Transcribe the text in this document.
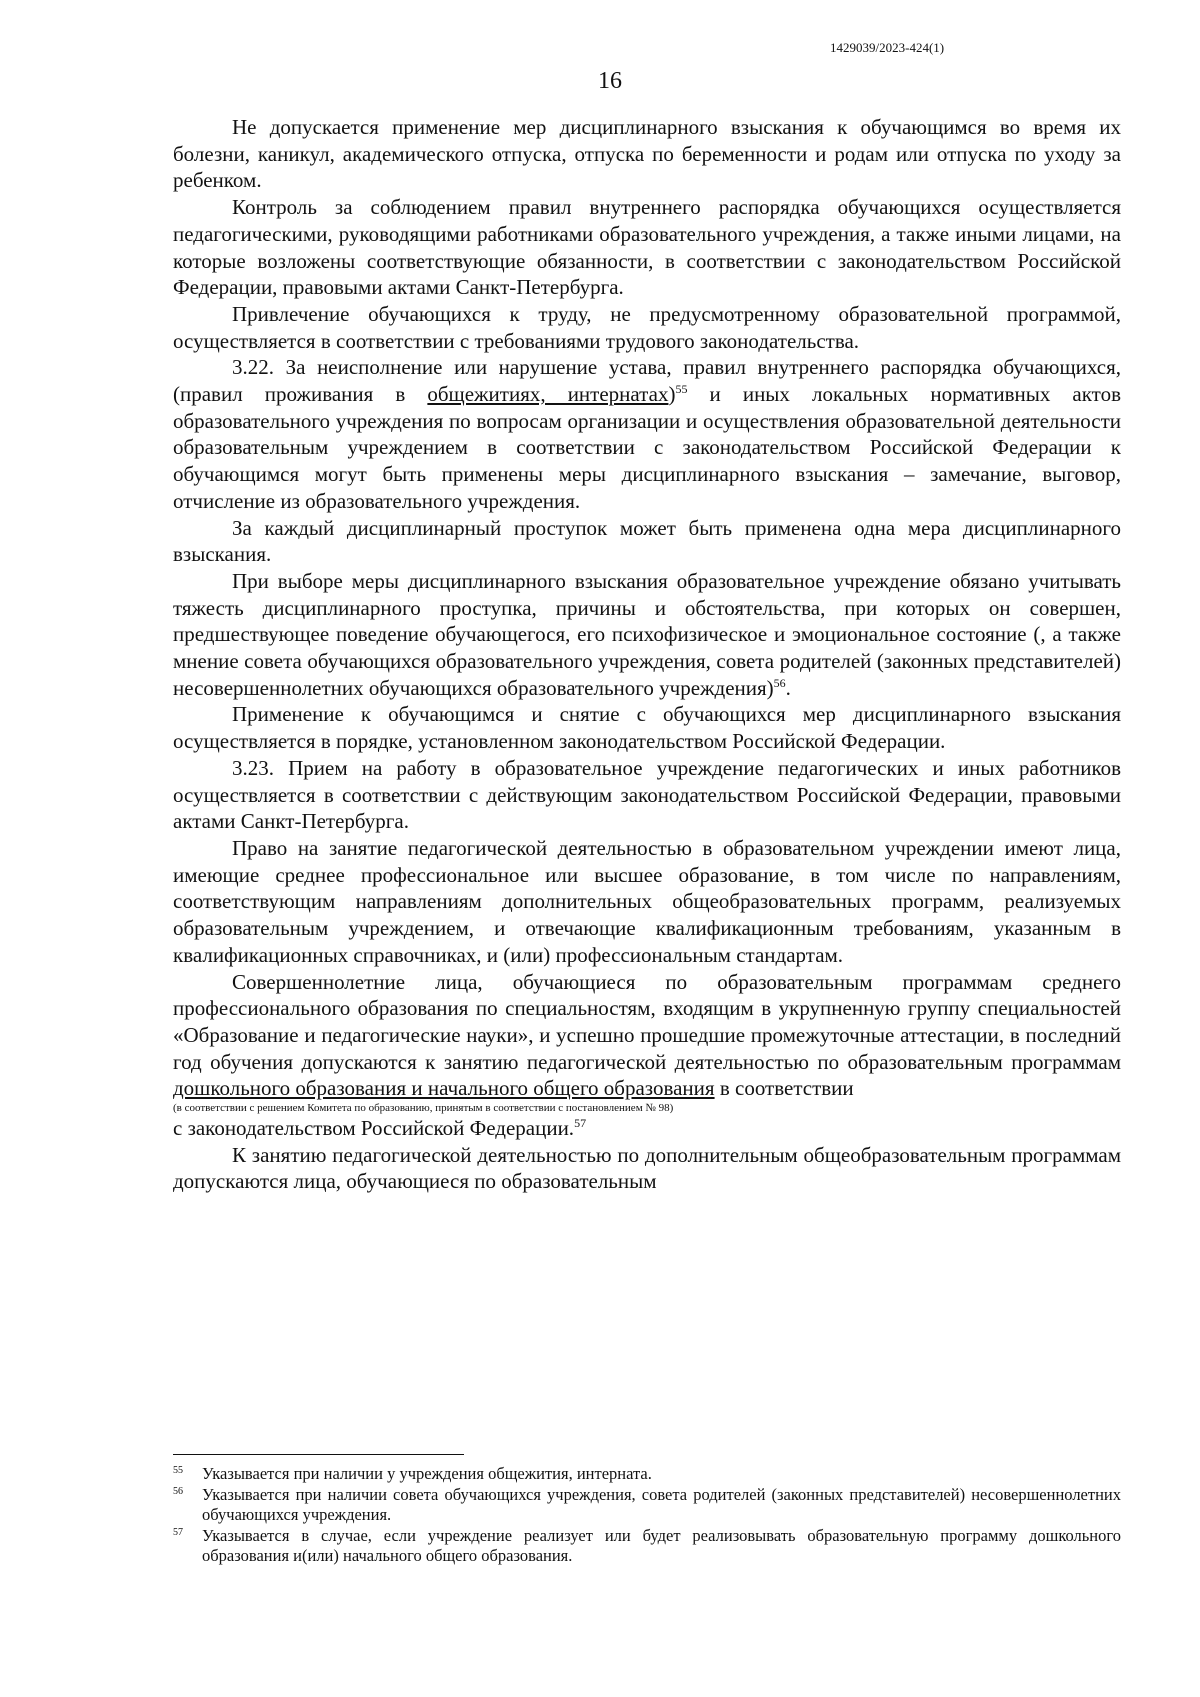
1429039/2023-424(1)
16

Не допускается применение мер дисциплинарного взыскания к обучающимся во время их болезни, каникул, академического отпуска, отпуска по беременности и родам или отпуска по уходу за ребенком.

Контроль за соблюдением правил внутреннего распорядка обучающихся осуществляется педагогическими, руководящими работниками образовательного учреждения, а также иными лицами, на которые возложены соответствующие обязанности, в соответствии с законодательством Российской Федерации, правовыми актами Санкт-Петербурга.

Привлечение обучающихся к труду, не предусмотренному образовательной программой, осуществляется в соответствии с требованиями трудового законодательства.

3.22. За неисполнение или нарушение устава, правил внутреннего распорядка обучающихся, (правил проживания в общежитиях, интернатах)$^{55}$ и иных локальных нормативных актов образовательного учреждения по вопросам организации и осуществления образовательной деятельности образовательным учреждением в соответствии с законодательством Российской Федерации к обучающимся могут быть применены меры дисциплинарного взыскания – замечание, выговор, отчисление из образовательного учреждения.

За каждый дисциплинарный проступок может быть применена одна мера дисциплинарного взыскания.

При выборе меры дисциплинарного взыскания образовательное учреждение обязано учитывать тяжесть дисциплинарного проступка, причины и обстоятельства, при которых он совершен, предшествующее поведение обучающегося, его психофизическое и эмоциональное состояние (, а также мнение совета обучающихся образовательного учреждения, совета родителей (законных представителей) несовершеннолетних обучающихся образовательного учреждения)$^{56}$.

Применение к обучающимся и снятие с обучающихся мер дисциплинарного взыскания осуществляется в порядке, установленном законодательством Российской Федерации.

3.23. Прием на работу в образовательное учреждение педагогических и иных работников осуществляется в соответствии с действующим законодательством Российской Федерации, правовыми актами Санкт-Петербурга.

Право на занятие педагогической деятельностью в образовательном учреждении имеют лица, имеющие среднее профессиональное или высшее образование, в том числе по направлениям, соответствующим направлениям дополнительных общеобразовательных программ, реализуемых образовательным учреждением, и отвечающие квалификационным требованиям, указанным в квалификационных справочниках, и (или) профессиональным стандартам.

Совершеннолетние лица, обучающиеся по образовательным программам среднего профессионального образования по специальностям, входящим в укрупненную группу специальностей «Образование и педагогические науки», и успешно прошедшие промежуточные аттестации, в последний год обучения допускаются к занятию педагогической деятельностью по образовательным программам дошкольного образования и начального общего образования в соответствии

(в соответствии с решением Комитета по образованию, принятым в соответствии с постановлением № 98)

с законодательством Российской Федерации.$^{57}$

К занятию педагогической деятельностью по дополнительным общеобразовательным программам допускаются лица, обучающиеся по образовательным

55	Указывается при наличии у учреждения общежития, интерната.
56	Указывается при наличии совета обучающихся учреждения, совета родителей (законных представителей) несовершеннолетних обучающихся учреждения.
57	Указывается в случае, если учреждение реализует или будет реализовывать образовательную программу дошкольного образования и(или) начального общего образования.
